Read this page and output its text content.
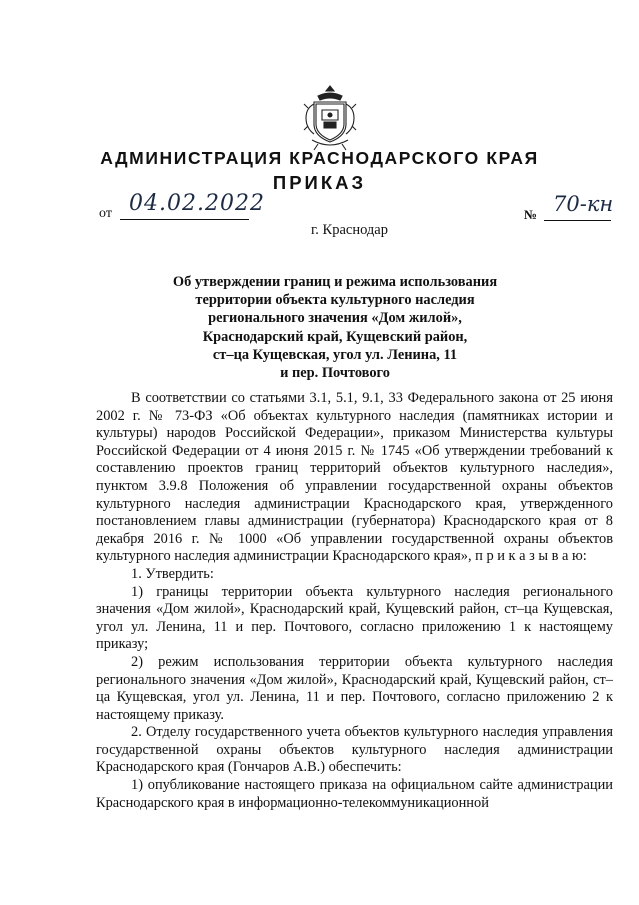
АДМИНИСТРАЦИЯ КРАСНОДАРСКОГО КРАЯ
ПРИКАЗ
от 04.02.2022
г. Краснодар
№ 70-кн
Об утверждении границ и режима использования
территории объекта культурного наследия
регионального значения «Дом жилой»,
Краснодарский край, Кущевский район,
ст–ца Кущевская, угол ул. Ленина, 11
и пер. Почтового

В соответствии со статьями 3.1, 5.1, 9.1, 33 Федерального закона от 25 июня 2002 г. № 73-ФЗ «Об объектах культурного наследия (памятниках истории и культуры) народов Российской Федерации», приказом Министерства культуры Российской Федерации от 4 июня 2015 г. № 1745 «Об утверждении требований к составлению проектов границ территорий объектов культурного наследия», пунктом 3.9.8 Положения об управлении государственной охраны объектов культурного наследия администрации Краснодарского края, утвержденного постановлением главы администрации (губернатора) Краснодарского края от 8 декабря 2016 г. № 1000 «Об управлении государственной охраны объектов культурного наследия администрации Краснодарского края», п р и к а з ы в а ю:

1. Утвердить:

1) границы территории объекта культурного наследия регионального значения «Дом жилой», Краснодарский край, Кущевский район, ст–ца Кущевская, угол ул. Ленина, 11 и пер. Почтового, согласно приложению 1 к настоящему приказу;

2) режим использования территории объекта культурного наследия регионального значения «Дом жилой», Краснодарский край, Кущевский район, ст–ца Кущевская, угол ул. Ленина, 11 и пер. Почтового, согласно приложению 2 к настоящему приказу.

2. Отделу государственного учета объектов культурного наследия управления государственной охраны объектов культурного наследия администрации Краснодарского края (Гончаров А.В.) обеспечить:

1) опубликование настоящего приказа на официальном сайте администрации Краснодарского края в информационно-телекоммуникационной
